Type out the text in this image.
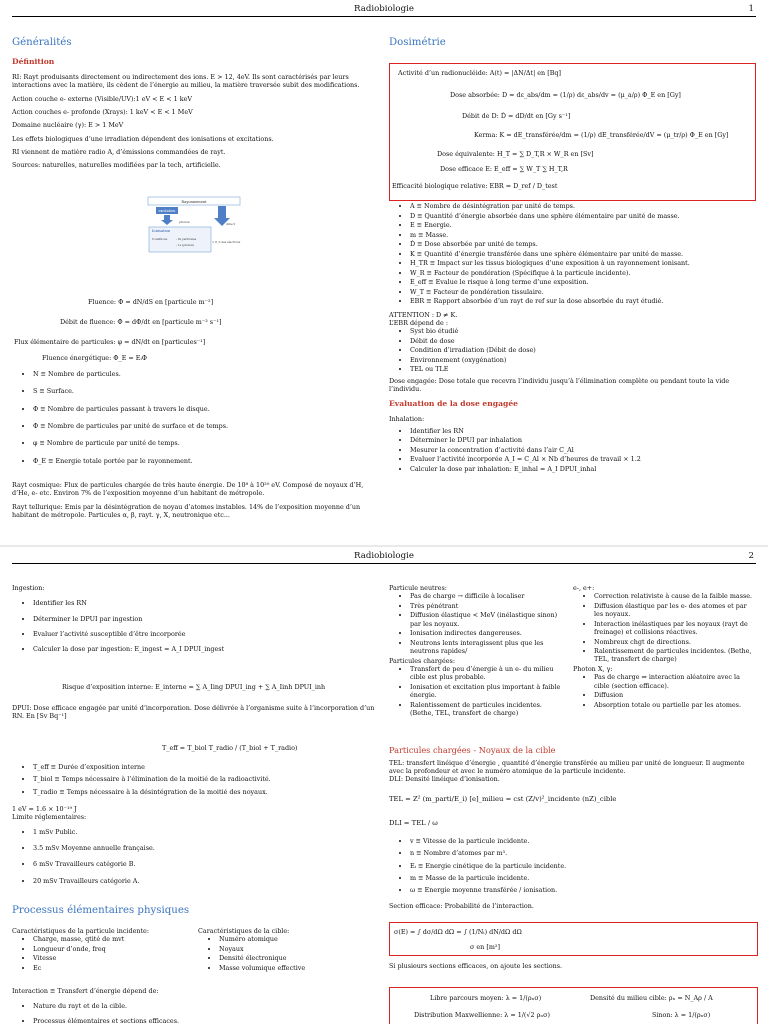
Radiobiologie	1
Généralités
Définition

RI: Rayt produisants directement ou indirectement des ions. E > 12, 4eV. Ils sont caractérisés par leurs interactions avec la matière, ils cèdent de l’énergie au milieu, la matière traversée subit des modifications.

Action couche e- externe (Visible/UV):1 eV < E < 1 keV

Action couches e- profonde (Xrays): 1 keV < E < 1 MeV

Domaine nucléaire (γ): E > 1 MeV

Les effets biologiques d’une irradiation dépendent des ionisations et excitations.

RI viennent de matière radio A, d’émissions commandées de rayt.

Sources: naturelles, naturelles modifiées par la tech, artificielle.

Rayonnement
excitation
photon	direct
Ionisation
Conditions	- 8x particules
- 1e (photon)
> E_b des électrons
Fluence: Φ = dN/dS en [particule m⁻²]
Débit de fluence: Φ̇ = dΦ/dt en [particule m⁻² s⁻¹]
Flux élémentaire de particules: φ = dN/dt en [particules⁻¹]
Fluence énergétique: Φ_E = EᵢΦ
• N ≡ Nombre de particules.
• S ≡ Surface.
• Φ ≡ Nombre de particules passant à travers le disque.
• Φ ≡ Nombre de particules par unité de surface et de temps.
• φ ≡ Nombre de particule par unité de temps.
• Φ_E ≡ Energie totale portée par le rayonnement.

Rayt cosmique: Flux de particules chargée de très haute énergie. De 10⁸ à 10²⁰ eV. Composé de noyaux d’H, d’He, e- etc. Environ 7% de l’exposition moyenne d’un habitant de métropole.

Rayt tellurique: Emis par la désintégration de noyau d’atomes instables. 14% de l’exposition moyenne d’un habitant de métropole. Particules α, β, rayt. γ, X, neutronique etc...

Dosimétrie
Activité d’un radionucléide: A(t) = |ΔN/Δt| en [Bq]
Dose absorbée: D = dε_abs/dm = (1/ρ) dε_abs/dv = (μ_a/ρ) Φ_E en [Gy]
Débit de D: Ḋ = dD/dt en [Gy s⁻¹]
Kerma: K = dE_transférée/dm = (1/ρ) dE_transférée/dV = (μ_tr/ρ) Φ_E en [Gy]
Dose équivalente: H_T = ∑ D_T,R × W_R en [Sv]
Dose efficace E: E_eff = ∑ W_T ∑ H_T,R
Efficacité biologique relative: EBR = D_ref / D_test
• A ≡ Nombre de désintégration par unité de temps.
• D ≡ Quantité d’énergie absorbée dans une sphère élémentaire par unité de masse.
• E ≡ Energie.
• m ≡ Masse.
• Ḋ ≡ Dose absorbée par unité de temps.
• K ≡ Quantité d’énergie transférée dans une sphère élémentaire par unité de masse.
• H_TR ≡ Impact sur les tissus biologiques d’une exposition à un rayonnement ionisant.
• W_R ≡ Facteur de pondération (Spécifique à la particule incidente).
• E_eff ≡ Evalue le risque à long terme d’une exposition.
• W_T ≡ Facteur de pondération tissulaire.
• EBR ≡ Rapport absorbée d’un rayt de ref sur la dose absorbée du rayt étudié.
ATTENTION : D ≠ K.
L’EBR dépend de :
• Syst bio étudié
• Débit de dose
• Condition d’irradiation (Débit de dose)
• Environnement (oxygénation)
• TEL ou TLE

Dose engagée: Dose totale que recevra l’individu jusqu’à l’élimination complète ou pendant toute la vide l’individu.

Evaluation de la dose engagée
Inhalation:
• Identifier les RN
• Déterminer le DPUI par inhalation
• Mesurer la concentration d’activité dans l’air C_Al
• Evaluer l’activité incorporée A_I = C_Al × Nb d’heures de travail × 1.2
• Calculer la dose par inhalation: E_inhal = A_I DPUI_inhal
Radiobiologie	2
Ingestion:
• Identifier les RN
• Déterminer le DPUI par ingestion
• Evaluer l’activité susceptible d’être incorporée
• Calculer la dose par ingestion: E_ingest = A_I DPUI_ingest
Risque d’exposition interne: E_interne = ∑ A_Iing DPUI_ing + ∑ A_Iinh DPUI_inh

DPUI: Dose efficace engagée par unité d’incorporation. Dose délivrée à l’organisme suite à l’incorporation d’un RN. En [Sv Bq⁻¹]

T_eff = T_biol T_radio / (T_biol + T_radio)
• T_eff ≡ Durée d’exposition interne
• T_biol ≡ Temps nécessaire à l’élimination de la moitié de la radioactivité.
• T_radio ≡ Temps nécessaire à la désintégration de la moitié des noyaux.
1 eV = 1.6 × 10⁻¹⁹ J
Limite réglementaires:
• 1 mSv Public.
• 3.5 mSv Moyenne annuelle française.
• 6 mSv Travailleurs catégorie B.
• 20 mSv Travailleurs catégorie A.
Processus élémentaires physiques
Caractéristiques de la particule incidente:
• Charge, masse, qtité de mvt
• Longueur d’onde, freq
• Vitesse
• Ec
Caractéristiques de la cible:
• Numéro atomique
• Noyaux
• Densité électronique
• Masse volumique effective
Interaction ≡ Transfert d’énergie dépend de:
• Nature du rayt et de la cible.
• Processus élémentaires et sections efficaces.
Particule neutres:
• Pas de charge → difficile à localiser
• Très pénétrant
• Diffusion élastique < MeV (inélastique sinon) par les noyaux.
• Ionisation indirectes dangereuses.
• Neutrons lents interagissent plus que les neutrons rapides/
Particules chargées:
• Transfert de peu d’énergie à un e- du milieu cible est plus probable.
• Ionisation et excitation plus important à faible énergie.
• Ralentissement de particules incidentes. (Bethe, TEL, transfert de charge)
e-, e+:
• Correction relativiste à cause de la faible masse.
• Diffusion élastique par les e- des atomes et par les noyaux.
• Interaction inélastiques par les noyaux (rayt de freinage) et collisions réactives.
• Nombreux chgt de directions.
• Ralentissement de particules incidentes. (Bethe, TEL, transfert de charge)
Photon X, γ:
• Pas de charge ⇒ interaction aléatoire avec la cible (section efficace).
• Diffusion
• Absorption totale ou partielle par les atomes.
Particules chargées - Noyaux de la cible
TEL: transfert linéique d’énergie , quantité d’énergie transférée au milieu par unité de longueur. Il augmente avec la profondeur et avec le numéro atomique de la particule incidente.
DLI: Densité linéique d’ionisation.
TEL = Z² (m_parti/E_i) [e]_milieu = cst (Z/v)²_incidente (nZ)_cible
DLI = TEL / ω
• v ≡ Vitesse de la particule incidente.
• n ≡ Nombre d’atomes par m³.
• Eᵢ ≡ Energie cinétique de la particule incidente.
• m ≡ Masse de la particule incidente.
• ω ≡ Energie moyenne transférée / ionisation.
Section efficace: Probabilité de l’interaction.
σ(E) = ∫ dσ/dΩ dΩ = ∫ (1/Nᵢ) dN/dΩ dΩ
σ en [m²]
Si plusieurs sections efficaces, on ajoute les sections.
Libre parcours moyen: λ = 1/(ρₙσ)	Densité du milieu cible: ρₙ = N_Aρ / A
Distribution Maxwellienne: λ = 1/(√2 ρₙσ)	Sinon: λ = 1/(ρₙσ)
